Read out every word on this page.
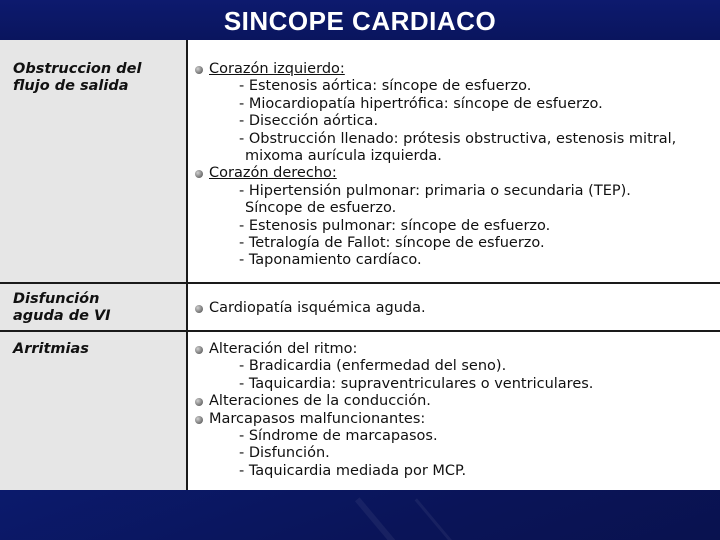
SINCOPE CARDIACO
Obstruccion del
flujo de salida
Disfunción
aguda de VI
Arritmias
Corazón izquierdo:
- Estenosis aórtica: síncope de esfuerzo.
- Miocardiopatía hipertrófica: síncope de esfuerzo.
- Disección aórtica.
- Obstrucción llenado: prótesis obstructiva, estenosis mitral,
mixoma aurícula izquierda.
Corazón derecho:
- Hipertensión pulmonar: primaria o secundaria (TEP).
Síncope de esfuerzo.
- Estenosis pulmonar: síncope de esfuerzo.
- Tetralogía de Fallot: síncope de esfuerzo.
- Taponamiento cardíaco.
Cardiopatía isquémica aguda.
Alteración del ritmo:
- Bradicardia (enfermedad del seno).
- Taquicardia: supraventriculares o ventriculares.
Alteraciones de la conducción.
Marcapasos malfuncionantes:
- Síndrome de marcapasos.
- Disfunción.
- Taquicardia mediada por MCP.
